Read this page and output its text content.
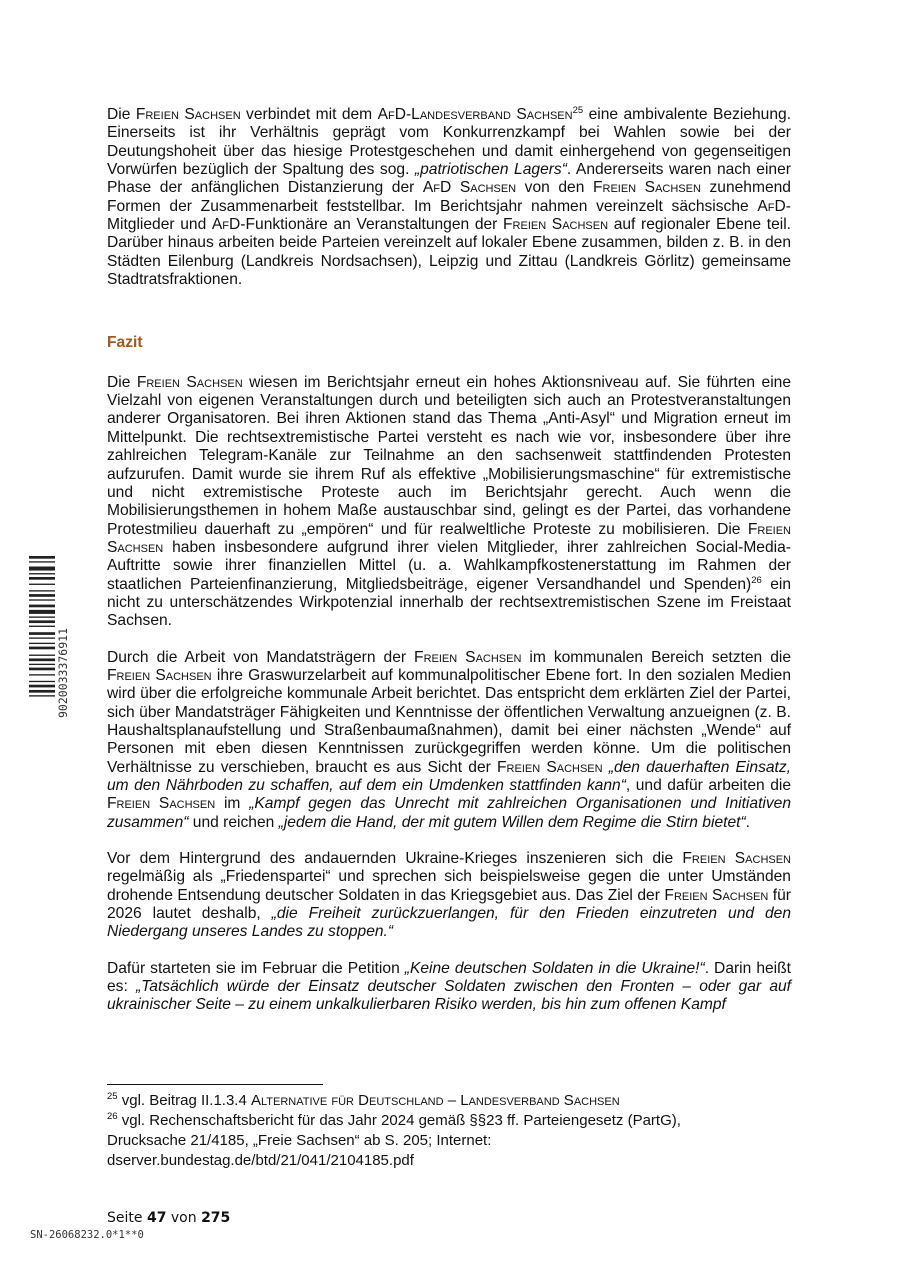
9020033376911

Die Freien Sachsen verbindet mit dem AfD-Landesverband Sachsen$^{25}$ eine ambivalente Beziehung. Einerseits ist ihr Verhältnis geprägt vom Konkurrenzkampf bei Wahlen sowie bei der Deutungshoheit über das hiesige Protestgeschehen und damit einhergehend von gegenseitigen Vorwürfen bezüglich der Spaltung des sog. „patriotischen Lagers“. Andererseits waren nach einer Phase der anfänglichen Distanzierung der AfD Sachsen von den Freien Sachsen zunehmend Formen der Zusammenarbeit feststellbar. Im Berichtsjahr nahmen vereinzelt sächsische AfD-Mitglieder und AfD-Funktionäre an Veranstaltungen der Freien Sachsen auf regionaler Ebene teil. Darüber hinaus arbeiten beide Parteien vereinzelt auf lokaler Ebene zusammen, bilden z. B. in den Städten Eilenburg (Landkreis Nordsachsen), Leipzig und Zittau (Landkreis Görlitz) gemeinsame Stadtratsfraktionen.

Fazit

Die Freien Sachsen wiesen im Berichtsjahr erneut ein hohes Aktionsniveau auf. Sie führten eine Vielzahl von eigenen Veranstaltungen durch und beteiligten sich auch an Protestveranstaltungen anderer Organisatoren. Bei ihren Aktionen stand das Thema „Anti-Asyl“ und Migration erneut im Mittelpunkt. Die rechtsextremistische Partei versteht es nach wie vor, insbesondere über ihre zahlreichen Telegram-Kanäle zur Teilnahme an den sachsenweit stattfindenden Protesten aufzurufen. Damit wurde sie ihrem Ruf als effektive „Mobilisierungsmaschine“ für extremistische und nicht extremistische Proteste auch im Berichtsjahr gerecht. Auch wenn die Mobilisierungsthemen in hohem Maße austauschbar sind, gelingt es der Partei, das vorhandene Protestmilieu dauerhaft zu „empören“ und für realweltliche Proteste zu mobilisieren. Die Freien Sachsen haben insbesondere aufgrund ihrer vielen Mitglieder, ihrer zahlreichen Social-Media-Auftritte sowie ihrer finanziellen Mittel (u. a. Wahlkampfkostenerstattung im Rahmen der staatlichen Parteienfinanzierung, Mitgliedsbeiträge, eigener Versandhandel und Spenden)$^{26}$ ein nicht zu unterschätzendes Wirkpotenzial innerhalb der rechtsextremistischen Szene im Freistaat Sachsen.

Durch die Arbeit von Mandatsträgern der Freien Sachsen im kommunalen Bereich setzten die Freien Sachsen ihre Graswurzelarbeit auf kommunalpolitischer Ebene fort. In den sozialen Medien wird über die erfolgreiche kommunale Arbeit berichtet. Das entspricht dem erklärten Ziel der Partei, sich über Mandatsträger Fähigkeiten und Kenntnisse der öffentlichen Verwaltung anzueignen (z. B. Haushaltsplanaufstellung und Straßenbaumaßnahmen), damit bei einer nächsten „Wende“ auf Personen mit eben diesen Kenntnissen zurückgegriffen werden könne. Um die politischen Verhältnisse zu verschieben, braucht es aus Sicht der Freien Sachsen „den dauerhaften Einsatz, um den Nährboden zu schaffen, auf dem ein Umdenken stattfinden kann“, und dafür arbeiten die Freien Sachsen im „Kampf gegen das Unrecht mit zahlreichen Organisationen und Initiativen zusammen“ und reichen „jedem die Hand, der mit gutem Willen dem Regime die Stirn bietet“.

Vor dem Hintergrund des andauernden Ukraine-Krieges inszenieren sich die Freien Sachsen regelmäßig als „Friedenspartei“ und sprechen sich beispielsweise gegen die unter Umständen drohende Entsendung deutscher Soldaten in das Kriegsgebiet aus. Das Ziel der Freien Sachsen für 2026 lautet deshalb, „die Freiheit zurückzuerlangen, für den Frieden einzutreten und den Niedergang unseres Landes zu stoppen.“

Dafür starteten sie im Februar die Petition „Keine deutschen Soldaten in die Ukraine!“. Darin heißt es: „Tatsächlich würde der Einsatz deutscher Soldaten zwischen den Fronten – oder gar auf ukrainischer Seite – zu einem unkalkulierbaren Risiko werden, bis hin zum offenen Kampf

$^{25}$ vgl. Beitrag II.1.3.4 Alternative für Deutschland – Landesverband Sachsen

$^{26}$ vgl. Rechenschaftsbericht für das Jahr 2024 gemäß §§23 ff. Parteiengesetz (PartG),
Drucksache 21/4185, „Freie Sachsen“ ab S. 205; Internet:
dserver.bundestag.de/btd/21/041/2104185.pdf

Seite 47 von 275
SN-26068232.0*1**0
